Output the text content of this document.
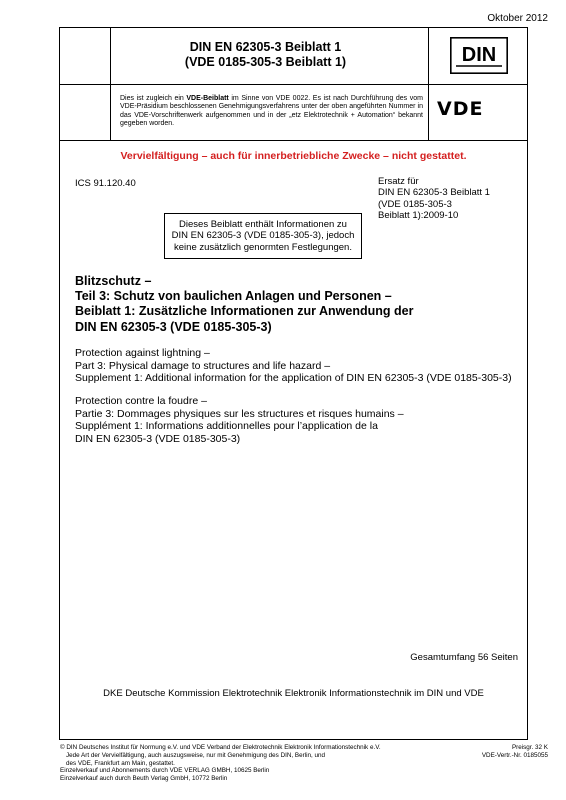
Oktober 2012
DIN EN 62305-3 Beiblatt 1
(VDE 0185-305-3 Beiblatt 1)	DIN
Dies ist zugleich ein VDE-Beiblatt im Sinne von VDE 0022. Es ist nach Durchführung des vom VDE-Präsidium beschlossenen Genehmigungsverfahrens unter der oben angeführten Nummer in das VDE-Vorschriftenwerk aufgenommen und in der „etz Elektrotechnik + Automation“ bekannt gegeben worden.
VDE
Vervielfältigung – auch für innerbetriebliche Zwecke – nicht gestattet.
ICS 91.120.40	Ersatz für
DIN EN 62305-3 Beiblatt 1
(VDE 0185-305-3
Beiblatt 1):2009-10
Dieses Beiblatt enthält Informationen zu
DIN EN 62305-3 (VDE 0185-305-3), jedoch
keine zusätzlich genormten Festlegungen.
Blitzschutz –
Teil 3: Schutz von baulichen Anlagen und Personen –
Beiblatt 1: Zusätzliche Informationen zur Anwendung der
DIN EN 62305-3 (VDE 0185-305-3)
Protection against lightning –
Part 3: Physical damage to structures and life hazard –
Supplement 1: Additional information for the application of DIN EN 62305-3 (VDE 0185-305-3)
Protection contre la foudre –
Partie 3: Dommages physiques sur les structures et risques humains –
Supplément 1: Informations additionnelles pour l’application de la
DIN EN 62305-3 (VDE 0185-305-3)
Gesamtumfang 56 Seiten
DKE Deutsche Kommission Elektrotechnik Elektronik Informationstechnik im DIN und VDE
© DIN Deutsches Institut für Normung e.V. und VDE Verband der Elektrotechnik Elektronik Informationstechnik e.V.
Jede Art der Vervielfältigung, auch auszugsweise, nur mit Genehmigung des DIN, Berlin, und
des VDE, Frankfurt am Main, gestattet.
Einzelverkauf und Abonnements durch VDE VERLAG GMBH, 10625 Berlin
Einzelverkauf auch durch Beuth Verlag GmbH, 10772 Berlin
Preisgr. 32 K
VDE-Vertr.-Nr. 0185055
